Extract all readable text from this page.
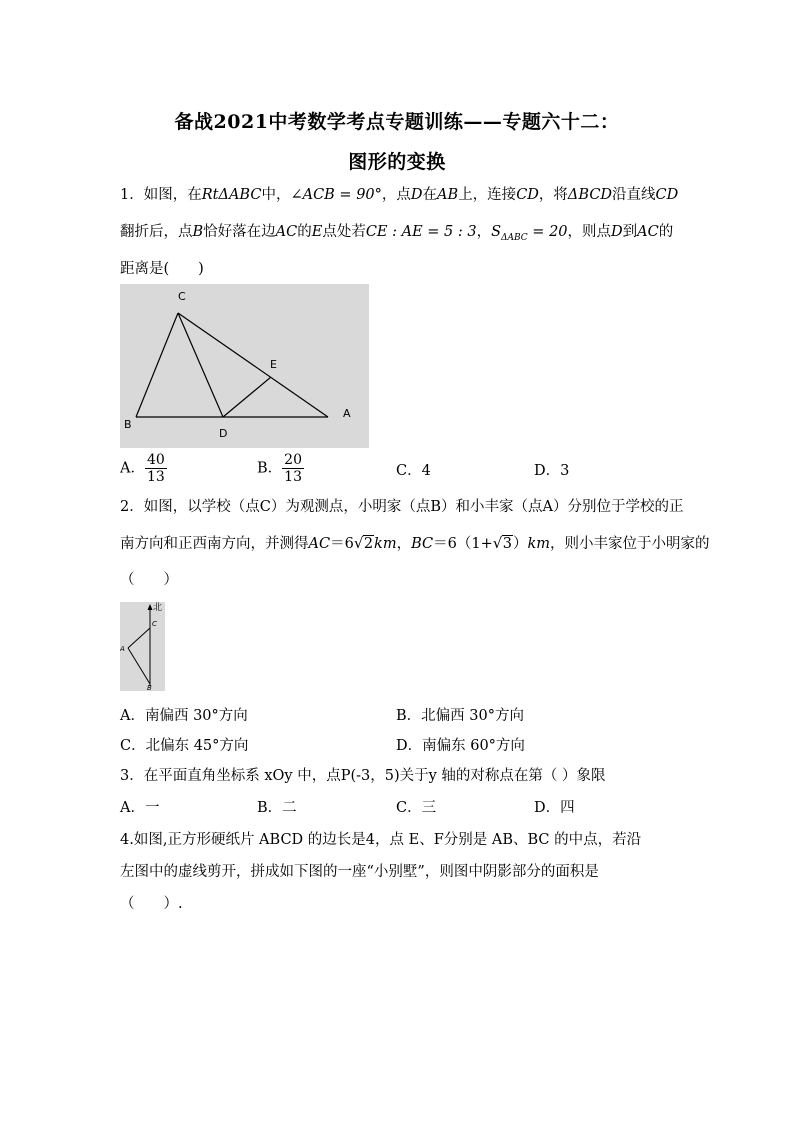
备战2021中考数学考点专题训练——专题六十二：
图形的变换
1．如图，在RtΔABC中，∠ACB = 90°，点D在AB上，连接CD，将ΔBCD沿直线CD
翻折后，点B恰好落在边AC的E点处若CE : AE = 5 : 3，$S_{\Delta ABC} = 20$，则点D到AC的
距离是(　　)
C
E
B
D
A
A． $\frac{40}{13}$	B． $\frac{20}{13}$	C．4	D．3
2．如图，以学校（点C）为观测点，小明家（点B）和小丰家（点A）分别位于学校的正
南方向和正西南方向，并测得AC＝6 √ 2km，BC＝6（1+ √ 3）km，则小丰家位于小明家的
（　　）
北
C
A
B
A．南偏西 30°方向	B．北偏西 30°方向
C．北偏东 45°方向	D．南偏东 60°方向
3．在平面直角坐标系 xOy 中，点P(-3，5)关于y 轴的对称点在第（ ）象限
A．一	B．二	C．三	D．四
4.如图,正方形硬纸片 ABCD 的边长是4，点 E、F分别是 AB、BC 的中点，若沿
左图中的虚线剪开，拼成如下图的一座“小别墅”，则图中阴影部分的面积是
（　　）.
